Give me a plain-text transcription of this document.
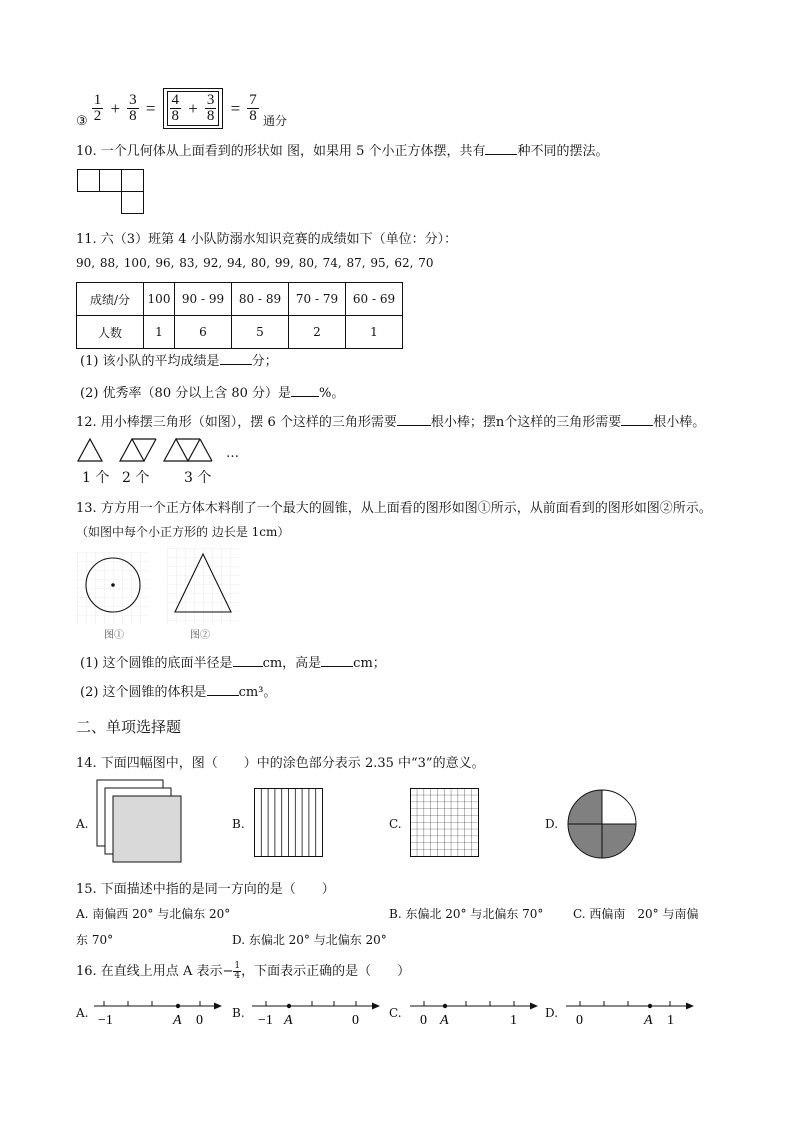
③ $\frac{1}{2} + \frac{3}{8} = \frac{4}{8} + \frac{3}{8} = \frac{7}{8}$ 通分
10. 一个几何体从上面看到的形状如 图，如果用 5 个小正方体摆，共有 种不同的摆法。
11. 六（3）班第 4 小队防溺水知识竞赛的成绩如下（单位：分）：
90, 88, 100, 96, 83, 92, 94, 80, 99, 80, 74, 87, 95, 62, 70
成绩/分	100	90 - 99	80 - 89	70 - 79	60 - 69
人数	1	6	5	2	1
(1) 该小队的平均成绩是 分；
(2) 优秀率（80 分以上含 80 分）是 %。
12. 用小棒摆三角形（如图），摆 6 个这样的三角形需要	根小棒；摆n个这样的三角形需要 根小棒。
…
1 个 2 个 3 个
13. 方方用一个正方体木料削了一个最大的圆锥，从上面看的图形如图①所示，从前面看到的图形如图②所示。
（如图中每个小正方形的 边长是 1cm）
图①	图②
(1) 这个圆锥的底面半径是 cm，高是 cm；
(2) 这个圆锥的体积是 cm³。
二、单项选择题
14. 下面四幅图中，图（　　）中的涂色部分表示 2.35 中“3”的意义。
A.	B.	C.	D.
15. 下面描述中指的是同一方向的是（　　）
A. 南偏西 20° 与北偏东 20°	B. 东偏北 20° 与北偏东 70° C. 西偏南　20° 与南偏
东 70°	D. 东偏北 20° 与北偏东 20°
16. 在直线上用点 A 表示− $\frac{1}{4}$ ，下面表示正确的是（　　）
A. −1	A 0 B. −1 A	0	C. 0 A	1 D. 0	A 1
